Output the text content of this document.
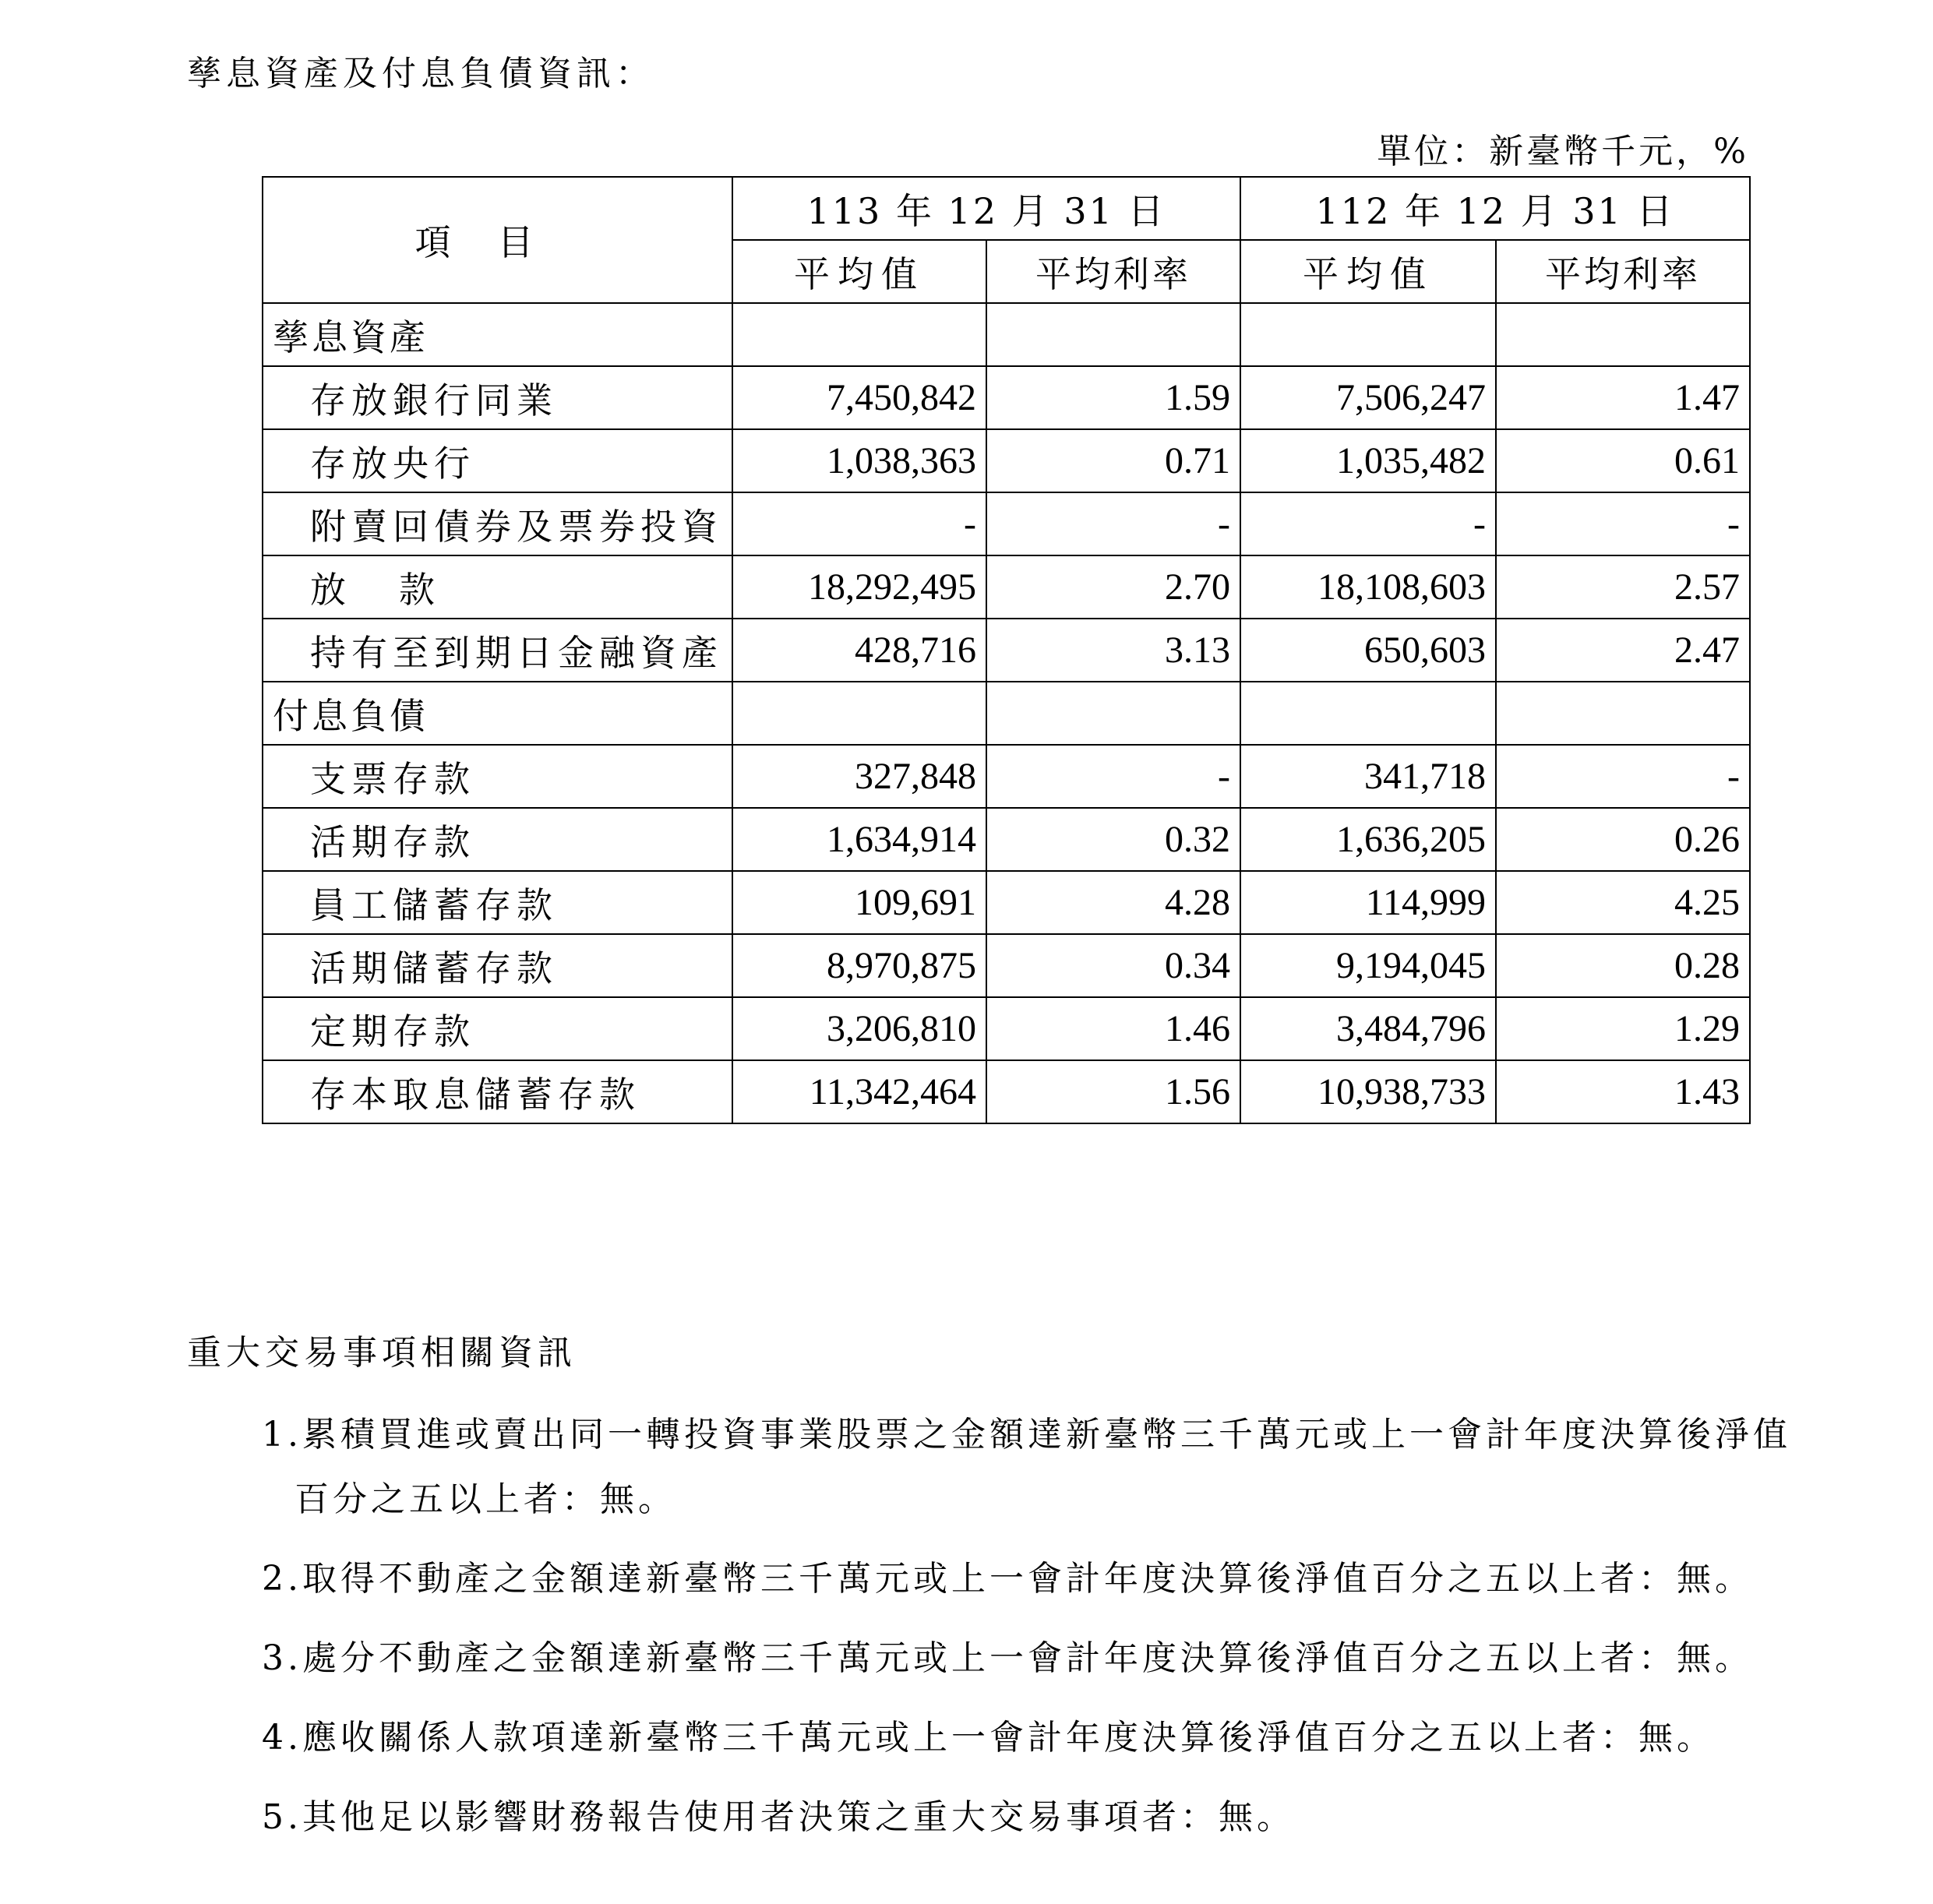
孳息資產及付息負債資訊：
單位：新臺幣千元，%
項目	113 年 12 月 31 日		112 年 12 月 31 日	
	平均值	平均利率	平均值	平均利率
孳息資產				
存放銀行同業	7,450,842	1.59	7,506,247	1.47
存放央行	1,038,363	0.71	1,035,482	0.61
附賣回債券及票券投資	-	-	-	-
放款	18,292,495	2.70	18,108,603	2.57
持有至到期日金融資產	428,716	3.13	650,603	2.47
付息負債				
支票存款	327,848	-	341,718	-
活期存款	1,634,914	0.32	1,636,205	0.26
員工儲蓄存款	109,691	4.28	114,999	4.25
活期儲蓄存款	8,970,875	0.34	9,194,045	0.28
定期存款	3,206,810	1.46	3,484,796	1.29
存本取息儲蓄存款	11,342,464	1.56	10,938,733	1.43
重大交易事項相關資訊
1.累積買進或賣出同一轉投資事業股票之金額達新臺幣三千萬元或上一會計年度決算後淨值
百分之五以上者：無。
2.取得不動產之金額達新臺幣三千萬元或上一會計年度決算後淨值百分之五以上者：無。
3.處分不動產之金額達新臺幣三千萬元或上一會計年度決算後淨值百分之五以上者：無。
4.應收關係人款項達新臺幣三千萬元或上一會計年度決算後淨值百分之五以上者：無。
5.其他足以影響財務報告使用者決策之重大交易事項者：無。
